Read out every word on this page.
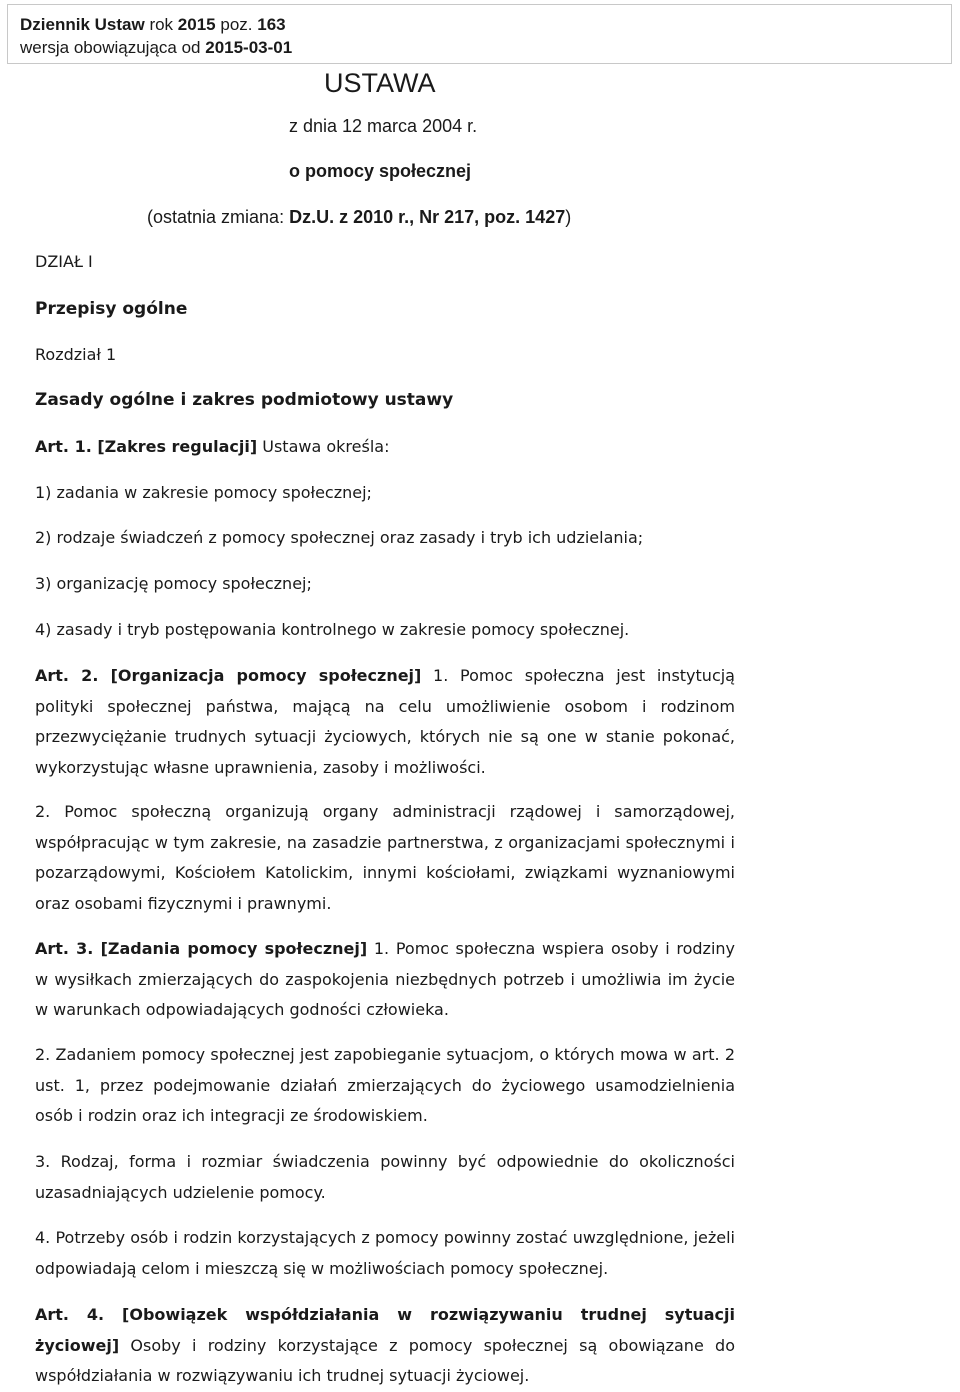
Dziennik Ustaw rok 2015 poz. 163
wersja obowiązująca od 2015-03-01
USTAWA
z dnia 12 marca 2004 r.
o pomocy społecznej
(ostatnia zmiana: Dz.U. z 2010 r., Nr 217, poz. 1427)
DZIAŁ I
Przepisy ogólne
Rozdział 1
Zasady ogólne i zakres podmiotowy ustawy
Art. 1. [Zakres regulacji] Ustawa określa:
1) zadania w zakresie pomocy społecznej;
2) rodzaje świadczeń z pomocy społecznej oraz zasady i tryb ich udzielania;
3) organizację pomocy społecznej;
4) zasady i tryb postępowania kontrolnego w zakresie pomocy społecznej.
Art. 2. [Organizacja pomocy społecznej] 1. Pomoc społeczna jest instytucją polityki społecznej państwa, mającą na celu umożliwienie osobom i rodzinom przezwyciężanie trudnych sytuacji życiowych, których nie są one w stanie pokonać, wykorzystując własne uprawnienia, zasoby i możliwości.
2. Pomoc społeczną organizują organy administracji rządowej i samorządowej, współpracując w tym zakresie, na zasadzie partnerstwa, z organizacjami społecznymi i pozarządowymi, Kościołem Katolickim, innymi kościołami, związkami wyznaniowymi oraz osobami fizycznymi i prawnymi.
Art. 3. [Zadania pomocy społecznej] 1. Pomoc społeczna wspiera osoby i rodziny w wysiłkach zmierzających do zaspokojenia niezbędnych potrzeb i umożliwia im życie w warunkach odpowiadających godności człowieka.
2. Zadaniem pomocy społecznej jest zapobieganie sytuacjom, o których mowa w art. 2 ust. 1, przez podejmowanie działań zmierzających do życiowego usamodzielnienia osób i rodzin oraz ich integracji ze środowiskiem.
3. Rodzaj, forma i rozmiar świadczenia powinny być odpowiednie do okoliczności uzasadniających udzielenie pomocy.
4. Potrzeby osób i rodzin korzystających z pomocy powinny zostać uwzględnione, jeżeli odpowiadają celom i mieszczą się w możliwościach pomocy społecznej.
Art. 4. [Obowiązek współdziałania w rozwiązywaniu trudnej sytuacji życiowej] Osoby i rodziny korzystające z pomocy społecznej są obowiązane do współdziałania w rozwiązywaniu ich trudnej sytuacji życiowej.
